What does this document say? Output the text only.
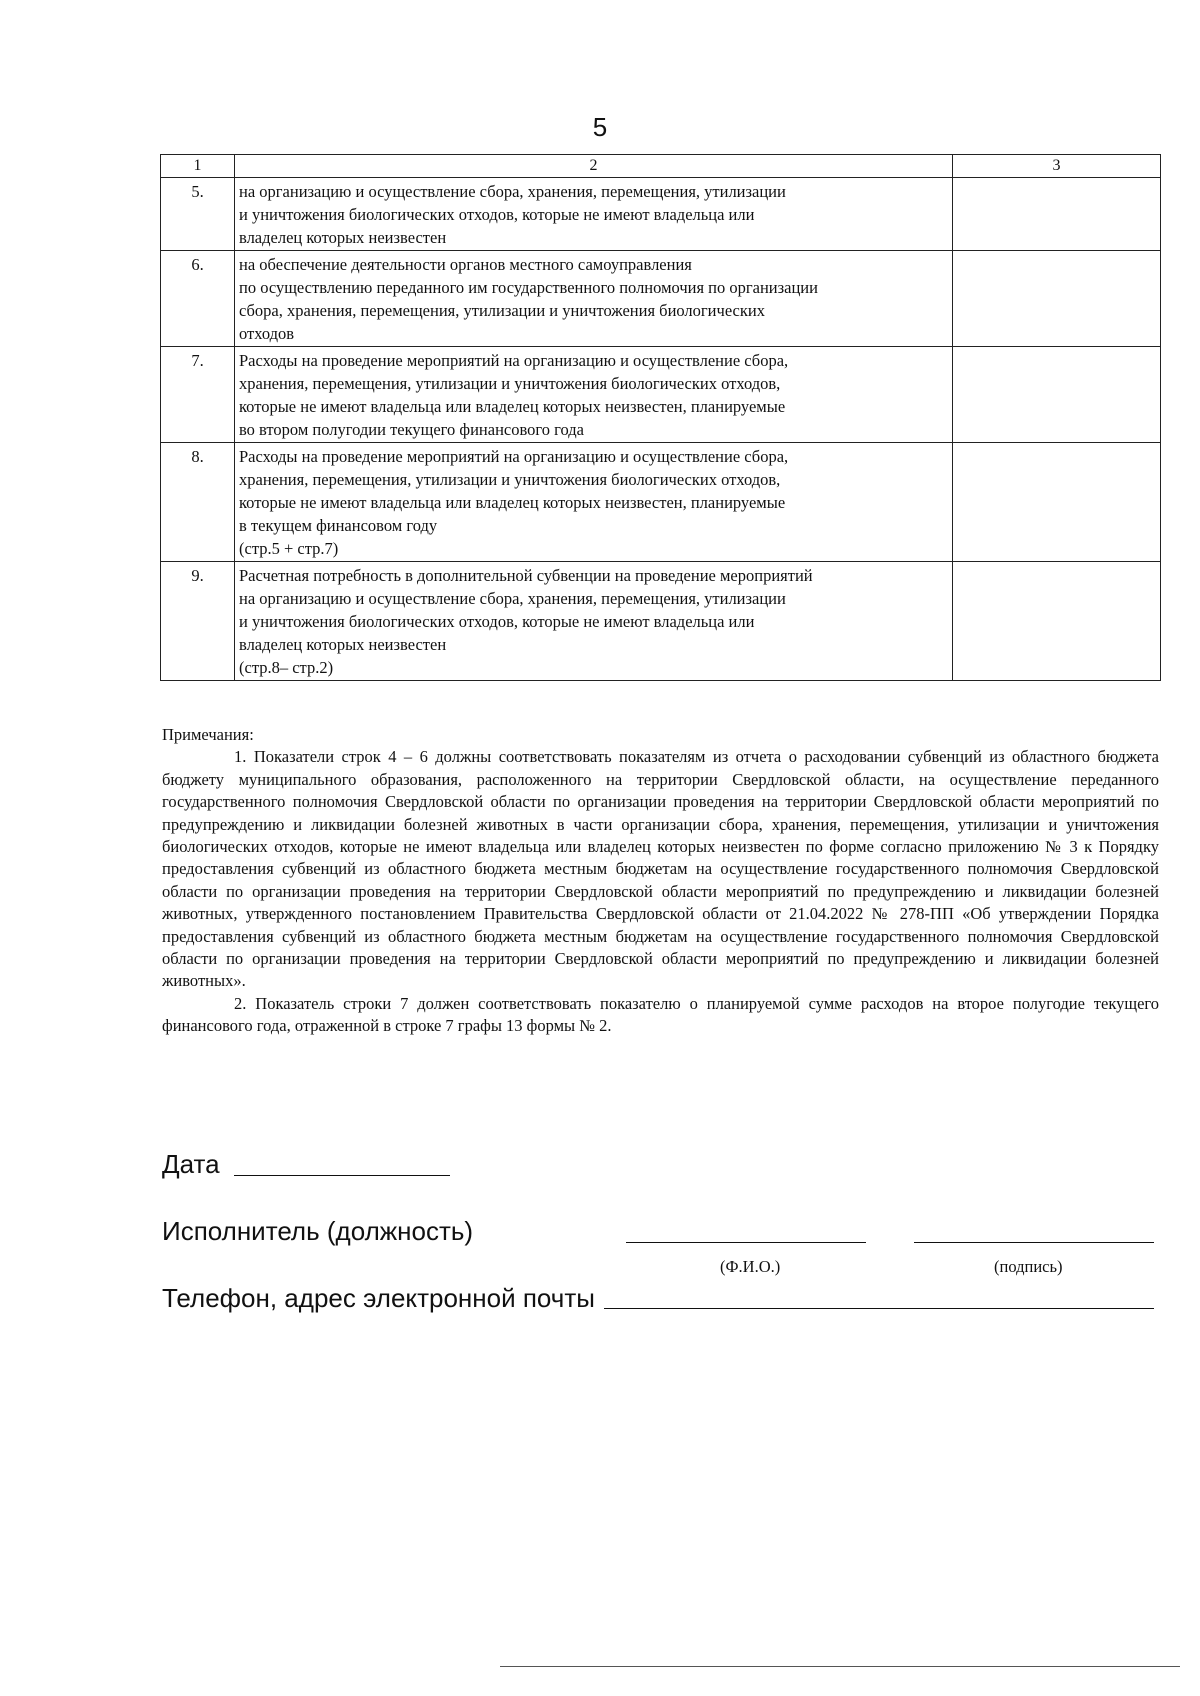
5
1	2	3
5.	на организацию и осуществление сбора, хранения, перемещения, утилизации
и уничтожения биологических отходов, которые не имеют владельца или
владелец которых неизвестен	

6.	на обеспечение деятельности органов местного самоуправления
по осуществлению переданного им государственного полномочия по организации
сбора, хранения, перемещения, утилизации и уничтожения биологических
отходов	

7.	Расходы на проведение мероприятий на организацию и осуществление сбора,
хранения, перемещения, утилизации и уничтожения биологических отходов,
которые не имеют владельца или владелец которых неизвестен, планируемые
во втором полугодии текущего финансового года	

8.	Расходы на проведение мероприятий на организацию и осуществление сбора,
хранения, перемещения, утилизации и уничтожения биологических отходов,
которые не имеют владельца или владелец которых неизвестен, планируемые
в текущем финансовом году
(стр.5 + стр.7)	

9.	Расчетная потребность в дополнительной субвенции на проведение мероприятий
на организацию и осуществление сбора, хранения, перемещения, утилизации
и уничтожения биологических отходов, которые не имеют владельца или
владелец которых неизвестен
(стр.8– стр.2)	

Примечания:

1. Показатели строк 4 – 6 должны соответствовать показателям из отчета о расходовании субвенций из областного бюджета бюджету муниципального образования, расположенного на территории Свердловской области, на осуществление переданного государственного полномочия Свердловской области по организации проведения на территории Свердловской области мероприятий по предупреждению и ликвидации болезней животных в части организации сбора, хранения, перемещения, утилизации и уничтожения биологических отходов, которые не имеют владельца или владелец которых неизвестен по форме согласно приложению № 3 к Порядку предоставления субвенций из областного бюджета местным бюджетам на осуществление государственного полномочия Свердловской области по организации проведения на территории Свердловской области мероприятий по предупреждению и ликвидации болезней животных, утвержденного постановлением Правительства Свердловской области от 21.04.2022 № 278-ПП «Об утверждении Порядка предоставления субвенций из областного бюджета местным бюджетам на осуществление государственного полномочия Свердловской области по организации проведения на территории Свердловской области мероприятий по предупреждению и ликвидации болезней животных».

2. Показатель строки 7 должен соответствовать показателю о планируемой сумме расходов на второе полугодие текущего финансового года, отраженной в строке 7 графы 13 формы № 2.

Дата
Исполнитель (должность)
(Ф.И.О.)	(подпись)
Телефон, адрес электронной почты
